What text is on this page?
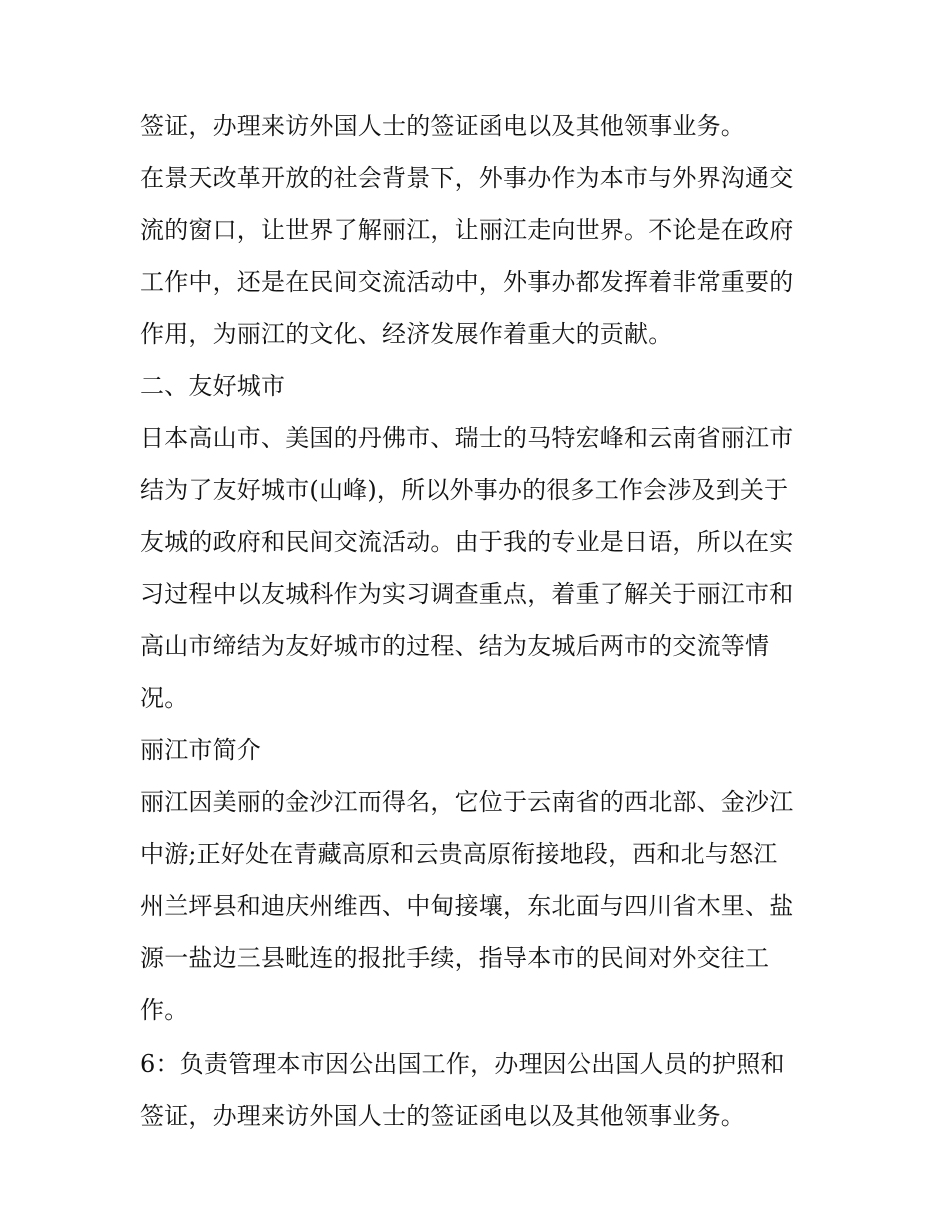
签证，办理来访外国人士的签证函电以及其他领事业务。
在景天改革开放的社会背景下，外事办作为本市与外界沟通交
流的窗口，让世界了解丽江，让丽江走向世界。不论是在政府
工作中，还是在民间交流活动中，外事办都发挥着非常重要的
作用，为丽江的文化、经济发展作着重大的贡献。
二、友好城市
日本高山市、美国的丹佛市、瑞士的马特宏峰和云南省丽江市
结为了友好城市(山峰)，所以外事办的很多工作会涉及到关于
友城的政府和民间交流活动。由于我的专业是日语，所以在实
习过程中以友城科作为实习调查重点，着重了解关于丽江市和
高山市缔结为友好城市的过程、结为友城后两市的交流等情
况。
丽江市简介
丽江因美丽的金沙江而得名，它位于云南省的西北部、金沙江
中游;正好处在青藏高原和云贵高原衔接地段，西和北与怒江
州兰坪县和迪庆州维西、中甸接壤，东北面与四川省木里、盐
源一盐边三县毗连的报批手续，指导本市的民间对外交往工
作。
6：负责管理本市因公出国工作，办理因公出国人员的护照和
签证，办理来访外国人士的签证函电以及其他领事业务。
